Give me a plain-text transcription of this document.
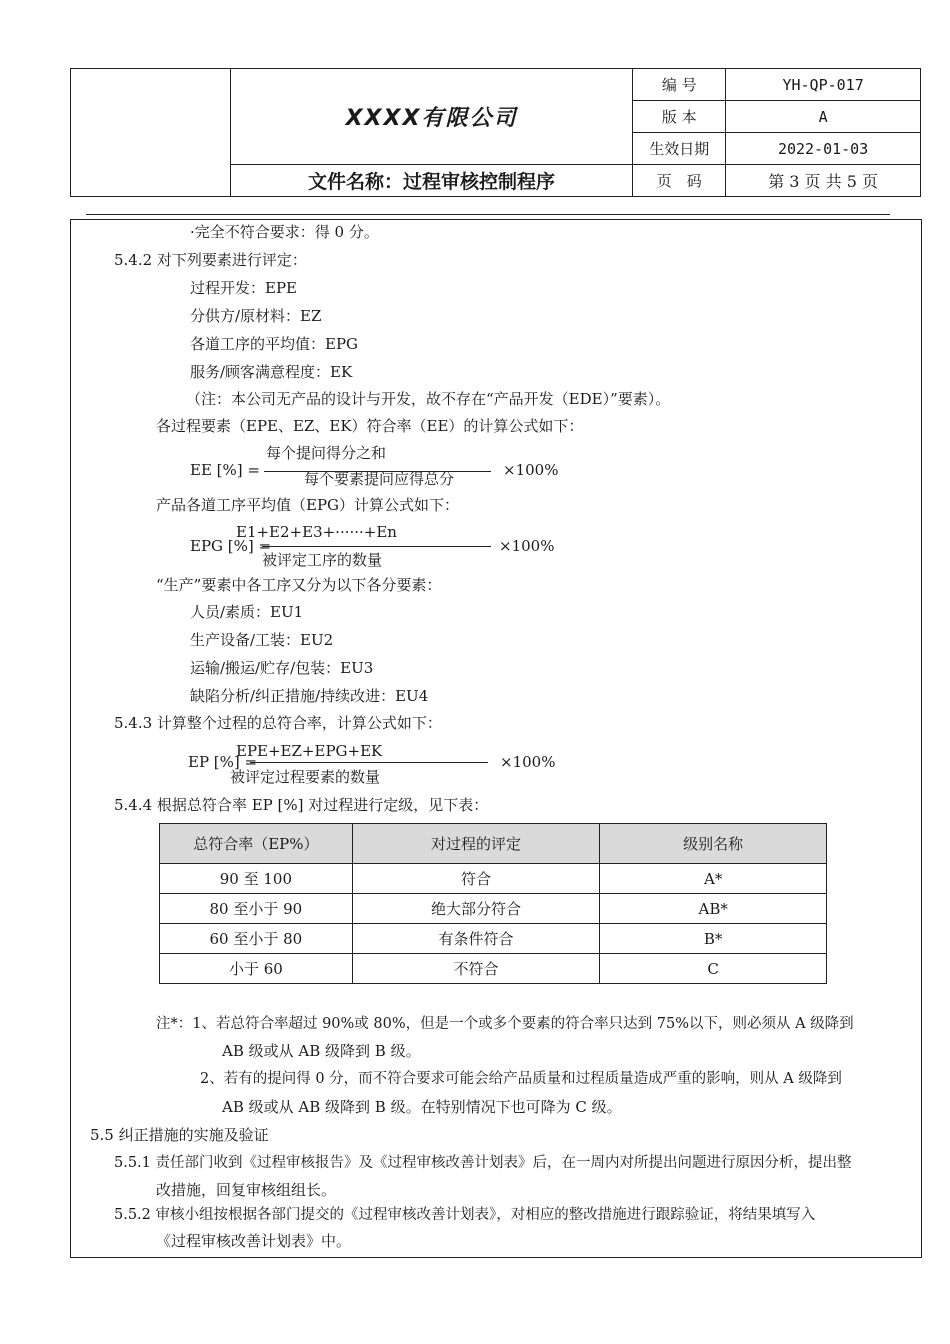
	XXXX有限公司	编 号	YH-QP-017
		版 本	A
		生效日期	2022-01-03
	文件名称：过程审核控制程序	页　码	第 3 页 共 5 页
·完全不符合要求：得 0 分。
5.4.2 对下列要素进行评定：
过程开发：EPE
分供方/原材料：EZ
各道工序的平均值：EPG
服务/顾客满意程度：EK
（注：本公司无产品的设计与开发，故不存在“产品开发（EDE）”要素）。
各过程要素（EPE、EZ、EK）符合率（EE）的计算公式如下：
每个提问得分之和
EE [%] =	每个要素提问应得总分	×100%
产品各道工序平均值（EPG）计算公式如下：
E1+E2+E3+······+En
EPG [%] =
被评定工序的数量
×100%
“生产”要素中各工序又分为以下各分要素：
人员/素质：EU1
生产设备/工装：EU2
运输/搬运/贮存/包装：EU3
缺陷分析/纠正措施/持续改进：EU4
5.4.3 计算整个过程的总符合率，计算公式如下：
EPE+EZ+EPG+EK
EP [%] =
被评定过程要素的数量
×100%
5.4.4 根据总符合率 EP [%] 对过程进行定级，见下表：
总符合率（EP%）	对过程的评定	级别名称
90 至 100	符合	A*
80 至小于 90	绝大部分符合	AB*
60 至小于 80	有条件符合	B*
小于 60	不符合	C
注*：1、若总符合率超过 90%或 80%，但是一个或多个要素的符合率只达到 75%以下，则必须从 A 级降到
AB 级或从 AB 级降到 B 级。
2、若有的提问得 0 分，而不符合要求可能会给产品质量和过程质量造成严重的影响，则从 A 级降到
AB 级或从 AB 级降到 B 级。在特别情况下也可降为 C 级。
5.5 纠正措施的实施及验证
5.5.1 责任部门收到《过程审核报告》及《过程审核改善计划表》后，在一周内对所提出问题进行原因分析，提出整
改措施，回复审核组组长。
5.5.2 审核小组按根据各部门提交的《过程审核改善计划表》，对相应的整改措施进行跟踪验证，将结果填写入
《过程审核改善计划表》中。
